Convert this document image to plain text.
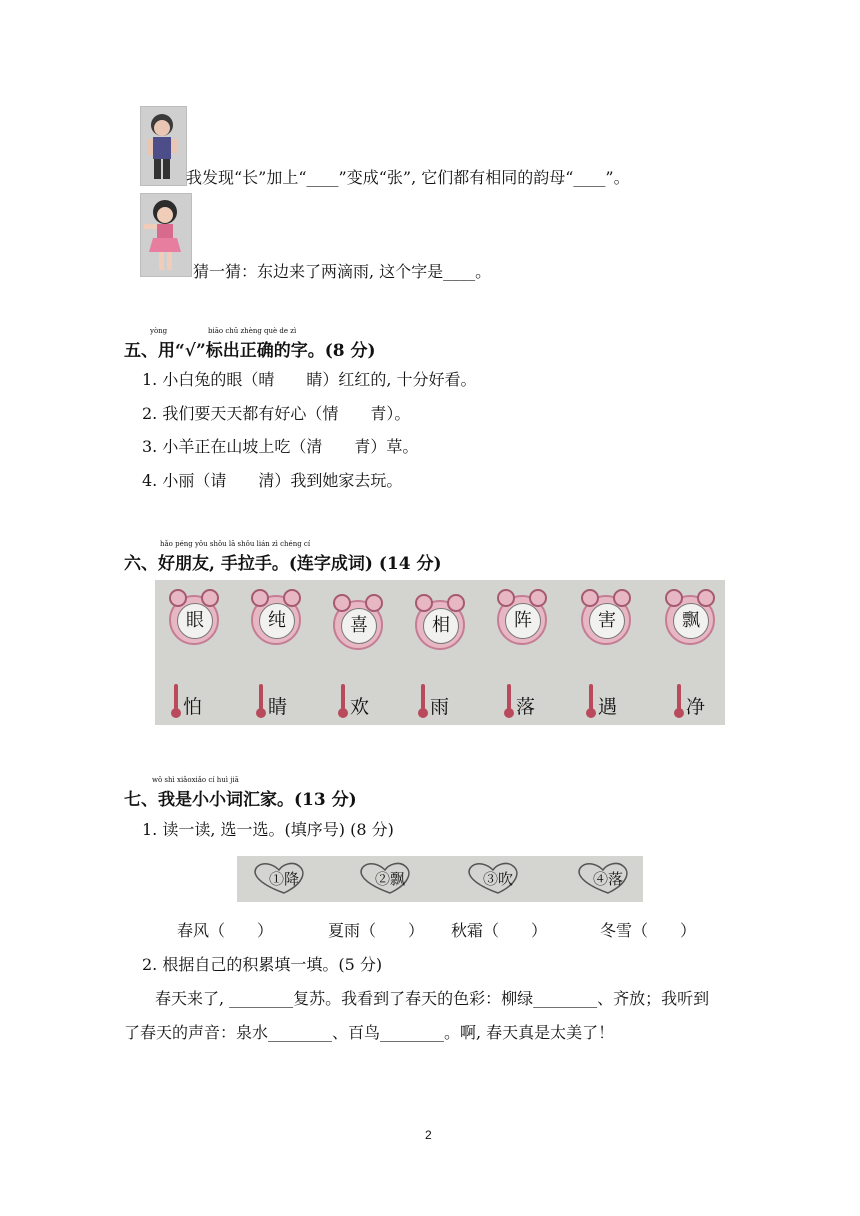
我发现“长”加上“____”变成“张”, 它们都有相同的韵母“____”。
猜一猜：东边来了两滴雨, 这个字是____。
yòng	biāo chū zhèng què de zì
五、用“√”标出正确的字。(8 分)
1. 小白兔的眼（晴　　睛）红红的, 十分好看。
2. 我们要天天都有好心（情　　青）。
3. 小羊正在山坡上吃（清　　青）草。
4. 小丽（请　　清）我到她家去玩。
hǎo péng yǒu shǒu lā shǒu lián zì chéng cí
六、好朋友, 手拉手。(连字成词) (14 分)
眼	纯	喜	相	阵	害	飘
怕	睛	欢	雨	落	遇	净
wǒ shì xiǎoxiǎo cí huì jiā
七、我是小小词汇家。(13 分)
1. 读一读, 选一选。(填序号) (8 分)
①降	②飘	③吹	④落
春风（　　）	夏雨（　　） 秋霜（　　）	冬雪（　　）
2. 根据自己的积累填一填。(5 分)
春天来了, ________复苏。我看到了春天的色彩：柳绿________、齐放；我听到
了春天的声音：泉水________、百鸟________。啊, 春天真是太美了！
2
